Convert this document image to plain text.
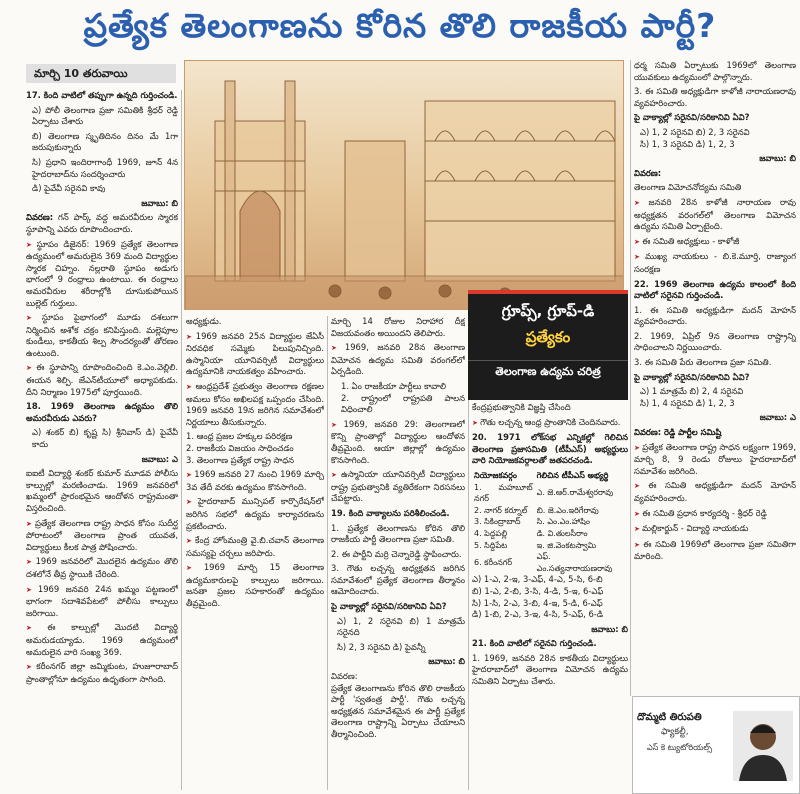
ప్రత్యేక తెలంగాణను కోరిన తొలి రాజకీయ పార్టీ?
మార్చి 10 తరువాయి

17. కింది వాటిలో తప్పుగా ఉన్నది గుర్తించండి.

ఎ) పోలీ తెలంగాణ ప్రజా సమితికి శ్రీధర్ రెడ్డి ఏర్పాటు చేశారు

బి) తెలంగాణ స్మృతిదినం దినం మే 1గా జరుపుకున్నారు

సి) ప్రధాని ఇందిరాగాంధీ 1969, జూన్ 4న హైదరాబాద్‌ను సందర్శించారు

డి) పైవేవీ సరైనవి కావు

జవాబు: బి

వివరణ: గన్ పార్క్ వద్ద అమరవీరుల స్మారక స్థూపాన్ని ఎవరు రూపొందించారు.

➤ స్థూపం డిజైనర్: 1969 ప్రత్యేక తెలంగాణ ఉద్యమంలో అమరులైన 369 మంది విద్యార్థుల స్మారక చిహ్నం. నల్లరాతి స్థూపం అడుగు భాగంలో 9 రంధ్రాలు ఉంటాయి. ఈ రంధ్రాలు అమరవీరుల శరీరాల్లోకి దూసుకుపోయిన బుల్లెట్ గుర్తులు.

➤ స్థూపం పైభాగంలో మూడు దశలుగా నిర్మించిన అశోక చక్రం కనిపిస్తుంది. మల్లెపూల కుండీలు, కాకతీయ శిల్ప సౌందర్యంతో తోరణం ఉంటుంది.

➤ ఈ స్థూపాన్ని రూపొందించింది కె.ఎం.వెల్లిలి. ఈయన శిల్పి. జేఎన్‌టీయూలో అధ్యాపకుడు. దీని నిర్మాణం 1975లో పూర్తయింది.

18. 1969 తెలంగాణ ఉద్యమం తొలి అమరవీరుడు ఎవరు?

ఎ) శంకర్ బి) కృష్ణ సి) శ్రీనివాస్ డి) పైవేవీ కాదు

జవాబు: ఎ

ఐఐటీ విద్యార్థి శంకర్ కుమార్ మూడవ పోలీసు కాల్పుల్లో మరణించాడు. 1969 జనవరిలో ఖమ్మంలో ప్రారంభమైన ఆందోళన రాష్ట్రమంతా విస్తరించింది.

➤ ప్రత్యేక తెలంగాణ రాష్ట్ర సాధన కోసం సుదీర్ఘ పోరాటంలో తెలంగాణ ప్రాంత యువత, విద్యార్థులు కీలక పాత్ర పోషించారు.

➤ 1969 జనవరిలో మొదలైన ఉద్యమం తొలి దశలోనే తీవ్ర స్థాయికి చేరింది.

➤ 1969 జనవరి 24న ఖమ్మం పట్టణంలో భాగంగా సదాశివపేటలో పోలీసు కాల్పులు జరిగాయి.

➤ ఈ కాల్పుల్లో మొదటి విద్యార్థి అమరుడయ్యాడు. 1969 ఉద్యమంలో అమరులైన వారి సంఖ్య 369.

➤ కరీంనగర్ జిల్లా జమ్మికుంట, హుజూరాబాద్ ప్రాంతాల్లోనూ ఉద్యమం ఉధృతంగా సాగింది.

గ్రూప్స్, గ్రూప్-డి
ప్రత్యేకం
తెలంగాణ ఉద్యమ చరిత్ర

అధ్యక్షుడు.

➤ 1969 జనవరి 25న విద్యార్థుల జేఏసీ నిరవధిక సమ్మెకు పిలుపునిచ్చింది. ఉస్మానియా యూనివర్సిటీ విద్యార్థులు ఉద్యమానికి నాయకత్వం వహించారు.

➤ ఆంధ్రప్రదేశ్ ప్రభుత్వం తెలంగాణ రక్షణల అమలు కోసం అఖిలపక్ష ఒప్పందం చేసింది. 1969 జనవరి 19న జరిగిన సమావేశంలో నిర్ణయాలు తీసుకున్నారు.

1. ఆంధ్ర ప్రజల హక్కుల పరిరక్షణ
2. రాజకీయ విజయం సాధించడం
3. తెలంగాణ ప్రత్యేక రాష్ట్ర సాధన

➤ 1969 జనవరి 27 నుంచి 1969 మార్చి 3వ తేదీ వరకు ఉద్యమం కొనసాగింది.

➤ హైదరాబాద్ మున్సిపల్ కార్పొరేషన్‌లో జరిగిన సభలో ఉద్యమ కార్యాచరణను ప్రకటించారు.

➤ కేంద్ర హోంమంత్రి వై.బి.చవాన్ తెలంగాణ సమస్యపై చర్చలు జరిపారు.

➤ 1969 మార్చి 15 తెలంగాణ ఉద్యమకారులపై కాల్పులు జరిగాయి. జనతా ప్రజల సహకారంతో ఉద్యమం తీవ్రమైంది.

మార్చి 14 రోజుల నిరాహార దీక్ష విజయవంతం అయిందని తెలిపారు.

➤ 1969, జనవరి 28న తెలంగాణ విమోచన ఉద్యమ సమితి వరంగల్‌లో ఏర్పడింది.

1. ఏం రాజకీయా పార్టీలు కావాలి
2. రాష్ట్రంలో రాష్ట్రపతి పాలన విధించాలి

➤ 1969, జనవరి 29: తెలంగాణలో కొన్ని ప్రాంతాల్లో విద్యార్థుల ఆందోళన తీవ్రమైంది. ఆయా జిల్లాల్లో ఉద్యమం కొనసాగింది.

➤ ఉస్మానియా యూనివర్సిటీ విద్యార్థులు రాష్ట్ర ప్రభుత్వానికి వ్యతిరేకంగా నిరసనలు చేపట్టారు.

19. కింది వాక్యాలను పరిశీలించండి.

1. ప్రత్యేక తెలంగాణను కోరిన తొలి రాజకీయ పార్టీ తెలంగాణ ప్రజా సమితి.

2. ఈ పార్టీని మర్రి చెన్నారెడ్డి స్థాపించారు.

3. గౌతు లచ్చన్న అధ్యక్షతన జరిగిన సమావేశంలో ప్రత్యేక తెలంగాణ తీర్మానం ఆమోదించారు.

పై వాక్యాల్లో సరైనవి/సరికానివి ఏవి?

ఎ) 1, 2 సరైనవి బి) 1 మాత్రమే సరైనది

సి) 2, 3 సరైనవి డి) పైవన్నీ

జవాబు: బి

వివరణ:
ప్రత్యేక తెలంగాణను కోరిన తొలి రాజకీయ పార్టీ 'స్వతంత్ర పార్టీ'. గౌతు లచ్చన్న అధ్యక్షతన సమావేశమైన ఈ పార్టీ ప్రత్యేక తెలంగాణ రాష్ట్రాన్ని ఏర్పాటు చేయాలని తీర్మానించింది.

కేంద్రప్రభుత్వానికి విజ్ఞప్తి చేసింది

➤ గౌతు లచ్చన్న ఆంధ్ర ప్రాంతానికి చెందినవారు.

20. 1971 లోక్‌సభ ఎన్నికల్లో గెలిచిన తెలంగాణ ప్రజాసమితి (టీపీఎస్) అభ్యర్థులు వారి నియోజకవర్గాలతో జతపరచండి.

నియోజకవర్గం	గెలిచిన టీపీఎస్ అభ్యర్థి
1. మహబూబ్ నగర్	ఎ. జె.ఆర్.రామేశ్వరరావు
2. నాగర్ కర్నూల్	బి. జె.ఎం.ఇరిగేరావు
3. సికింద్రాబాద్	సి. ఎం.ఎం.హాషిం
4. పెద్దపల్లి	డి. వి.తులసీరాం
5. సిద్దిపేట	ఇ. జి.వెంకటస్వామి
6. కరీంనగర్	ఎఫ్. ఎం.సత్యనారాయణరావు

ఎ) 1-ఎ, 2-ఇ, 3-ఎఫ్, 4-ఎ, 5-సి, 6-బి
బి) 1-ఎ, 2-బి, 3-సి, 4-డి, 5-ఇ, 6-ఎఫ్
సి) 1-సి, 2-ఎ, 3-బి, 4-ఇ, 5-డి, 6-ఎఫ్
డి) 1-బి, 2-ఎ, 3-ఇ, 4-సి, 5-ఎఫ్, 6-డి

జవాబు: బి

21. కింది వాటిలో సరైనవి గుర్తించండి.

1. 1969, జనవరి 28న కాకతీయ విద్యార్థులు హైదరాబాద్‌లో తెలంగాణ విమోచన ఉద్యమ సమితిని ఏర్పాటు చేశారు.

ధర్మ సమితి ఏర్పాటుకు 1969లో తెలంగాణ యువకులు ఉద్యమంలో పాల్గొన్నారు.

3. ఈ సమితి అధ్యక్షుడిగా కాళోజీ నారాయణరావు వ్యవహరించారు.

పై వాక్యాల్లో సరైనవి/సరికానివి ఏవి?

ఎ) 1, 2 సరైనవి బి) 2, 3 సరైనవి
సి) 1, 3 సరైనవి డి) 1, 2, 3

జవాబు: బి

వివరణ:

తెలంగాణ విమోచనోద్యమ సమితి

➤ జనవరి 28న కాళోజీ నారాయణ రావు అధ్యక్షతన వరంగల్‌లో తెలంగాణ విమోచన ఉద్యమ సమితి ఏర్పాటైంది.

➤ ఈ సమితి అధ్యక్షులు - కాళోజీ

➤ ముఖ్య నాయకులు - బి.కె.మూర్తి, రాజ్యాంగ సంరక్షణ

22. 1969 తెలంగాణ ఉద్యమ కాలంలో కింది వాటిలో సరైనవి గుర్తించండి.

1. ఈ సమితి అధ్యక్షుడిగా మదన్ మోహన్ వ్యవహరించారు.

2. 1969, ఏప్రిల్ 9న తెలంగాణ రాష్ట్రాన్ని సాధించాలని నిర్ణయించారు.

3. ఈ సమితి పేరు తెలంగాణ ప్రజా సమితి.

పై వాక్యాల్లో సరైనవి/సరికానివి ఏవి?

ఎ) 1 మాత్రమే బి) 2, 4 సరైనవి
సి) 1, 4 సరైనవి డి) 1, 2, 3

జవాబు: ఎ

వివరణ: రెడ్డి పార్టీల సమిష్టి

➤ ప్రత్యేక తెలంగాణ రాష్ట్ర సాధన లక్ష్యంగా 1969, మార్చి 8, 9 రెండు రోజులు హైదరాబాద్‌లో సమావేశం జరిగింది.

➤ ఈ సమితి అధ్యక్షుడిగా మదన్ మోహన్ వ్యవహరించారు.

➤ ఈ సమితి ప్రధాన కార్యదర్శి - శ్రీధర్ రెడ్డి

➤ మల్లికార్జున్ - విద్యార్థి నాయకుడు

➤ ఈ సమితి 1969లో తెలంగాణ ప్రజా సమితిగా మారింది.

దొమ్మటి తిరుపతి
ఫ్యాకల్టీ,
ఎస్ కె ట్యుటోరియల్స్
